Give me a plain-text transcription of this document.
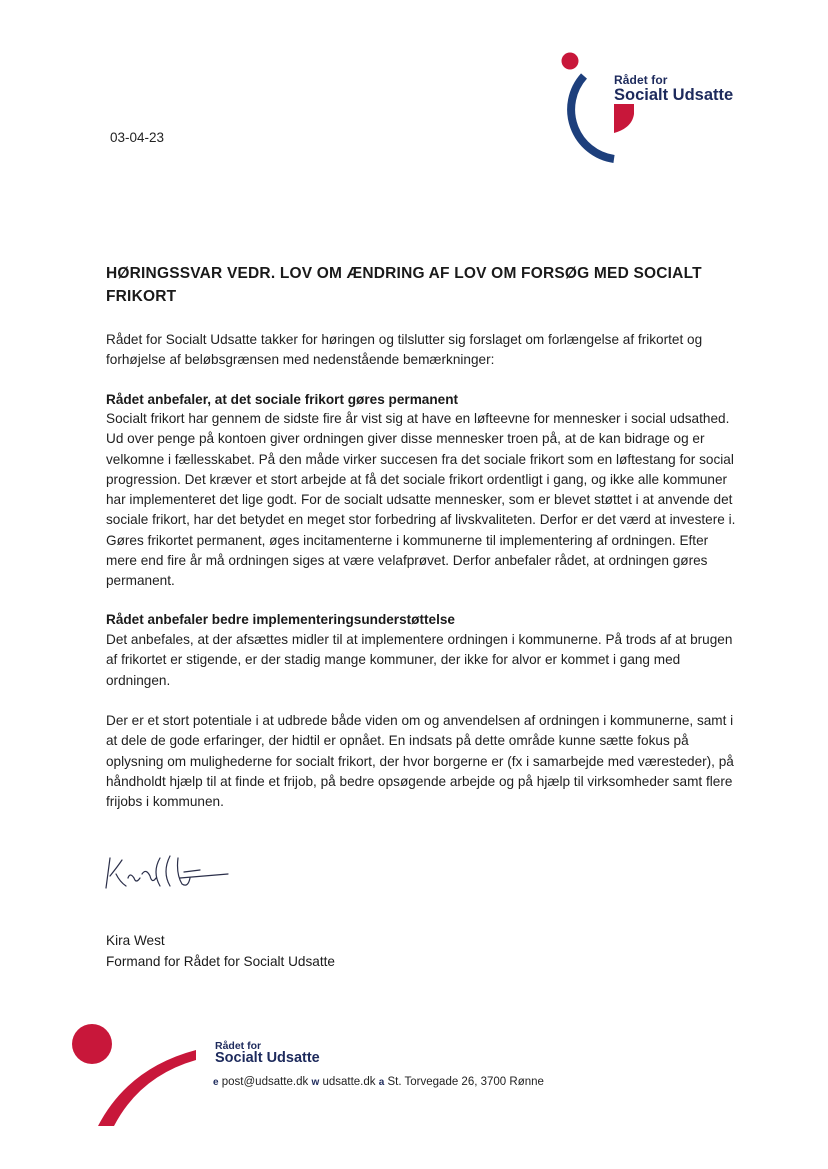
Rådet for
Socialt Udsatte
03-04-23
HØRINGSSVAR VEDR. LOV OM ÆNDRING AF LOV OM FORSØG MED SOCIALT FRIKORT
Rådet for Socialt Udsatte takker for høringen og tilslutter sig forslaget om forlængelse af frikortet og forhøjelse af beløbsgrænsen med nedenstående bemærkninger:
Rådet anbefaler, at det sociale frikort gøres permanent
Socialt frikort har gennem de sidste fire år vist sig at have en løfteevne for mennesker i social udsathed. Ud over penge på kontoen giver ordningen giver disse mennesker troen på, at de kan bidrage og er velkomne i fællesskabet. På den måde virker succesen fra det sociale frikort som en løftestang for social progression. Det kræver et stort arbejde at få det sociale frikort ordentligt i gang, og ikke alle kommuner har implementeret det lige godt. For de socialt udsatte mennesker, som er blevet støttet i at anvende det sociale frikort, har det betydet en meget stor forbedring af livskvaliteten. Derfor er det værd at investere i. Gøres frikortet permanent, øges incitamenterne i kommunerne til implementering af ordningen. Efter mere end fire år må ordningen siges at være velafprøvet. Derfor anbefaler rådet, at ordningen gøres permanent.
Rådet anbefaler bedre implementeringsunderstøttelse
Det anbefales, at der afsættes midler til at implementere ordningen i kommunerne. På trods af at brugen af frikortet er stigende, er der stadig mange kommuner, der ikke for alvor er kommet i gang med ordningen.
Der er et stort potentiale i at udbrede både viden om og anvendelsen af ordningen i kommunerne, samt i at dele de gode erfaringer, der hidtil er opnået. En indsats på dette område kunne sætte fokus på oplysning om mulighederne for socialt frikort, der hvor borgerne er (fx i samarbejde med væresteder), på håndholdt hjælp til at finde et frijob, på bedre opsøgende arbejde og på hjælp til virksomheder samt flere frijobs i kommunen.
Kira West
Formand for Rådet for Socialt Udsatte
Rådet for
Socialt Udsatte
e post@udsatte.dk w udsatte.dk a St. Torvegade 26, 3700 Rønne
